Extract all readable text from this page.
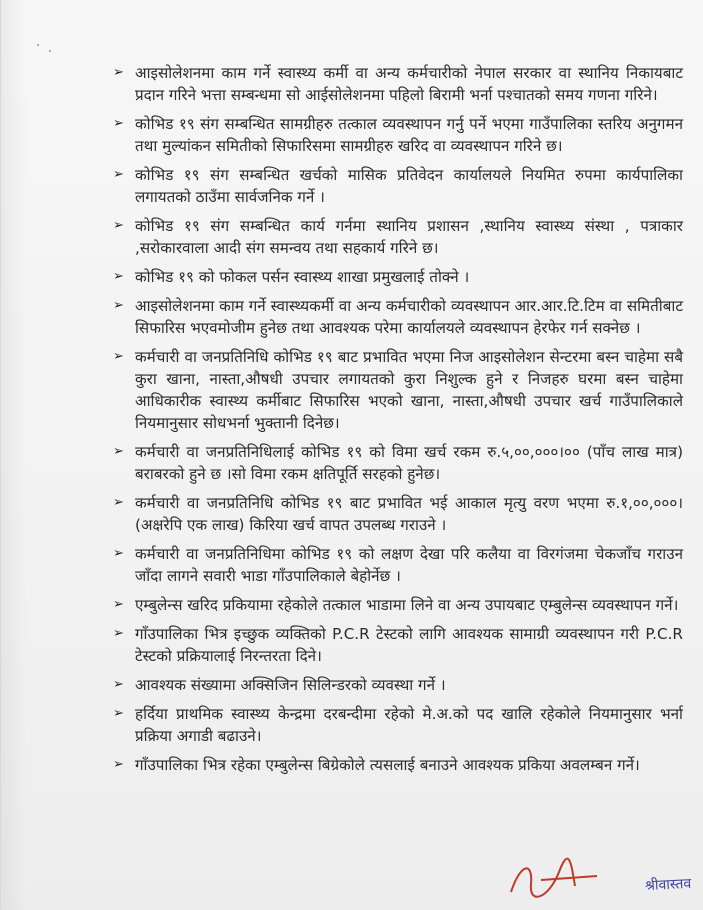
➢ आइसोलेशनमा काम गर्ने स्वास्थ्य कर्मी वा अन्य कर्मचारीको नेपाल सरकार वा स्थानिय निकायबाट प्रदान गरिने भत्ता सम्बन्धमा सो आईसोलेशनमा पहिलो बिरामी भर्ना पश्चातको समय गणना गरिने।
➢ कोभिड १९ संग सम्बन्धित सामग्रीहरु तत्काल व्यवस्थापन गर्नु पर्ने भएमा गाउँपालिका स्तरिय अनुगमन तथा मुल्यांकन समितीको सिफारिसमा सामग्रीहरु खरिद वा व्यवस्थापन गरिने छ।
➢ कोभिड १९ संग सम्बन्धित खर्चको मासिक प्रतिवेदन कार्यालयले नियमित रुपमा कार्यपालिका लगायतको ठाउँमा सार्वजनिक गर्ने ।
➢ कोभिड १९ संग सम्बन्धित कार्य गर्नमा स्थानिय प्रशासन ,स्थानिय स्वास्थ्य संस्था , पत्राकार ,सरोकारवाला आदी संग समन्वय तथा सहकार्य गरिने छ।
➢ कोभिड १९ को फोकल पर्सन स्वास्थ्य शाखा प्रमुखलाई तोक्ने ।
➢ आइसोलेशनमा काम गर्ने स्वास्थ्यकर्मी वा अन्य कर्मचारीको व्यवस्थापन आर.आर.टि.टिम वा समितीबाट सिफारिस भएवमोजीम हुनेछ तथा आवश्यक परेमा कार्यालयले व्यवस्थापन हेरफेर गर्न सक्नेछ ।
➢ कर्मचारी वा जनप्रतिनिधि कोभिड १९ बाट प्रभावित भएमा निज आइसोलेशन सेन्टरमा बस्न चाहेमा सबै कुरा खाना, नास्ता,औषधी उपचार लगायतको कुरा निशुल्क हुने र निजहरु घरमा बस्न चाहेमा आधिकारीक स्वास्थ्य कर्मीबाट सिफारिस भएको खाना, नास्ता,औषधी उपचार खर्च गाउँपालिकाले नियमानुसार सोधभर्ना भुक्तानी दिनेछ।
➢ कर्मचारी वा जनप्रतिनिधिलाई कोभिड १९ को विमा खर्च रकम रु.५,००,०००।०० (पाँच लाख मात्र) बराबरको हुने छ ।सो विमा रकम क्षतिपूर्ति सरहको हुनेछ।
➢ कर्मचारी वा जनप्रतिनिधि कोभिड १९ बाट प्रभावित भई आकाल मृत्यु वरण भएमा रु.१,००,०००।(अक्षरेपि एक लाख) किरिया खर्च वापत उपलब्ध गराउने ।
➢ कर्मचारी वा जनप्रतिनिधिमा कोभिड १९ को लक्षण देखा परि कलैया वा विरगंजमा चेकजाँच गराउन जाँदा लागने सवारी भाडा गाँउपालिकाले बेहोर्नेछ ।
➢ एम्बुलेन्स खरिद प्रकियामा रहेकोले तत्काल भाडामा लिने वा अन्य उपायबाट एम्बुलेन्स व्यवस्थापन गर्ने।
➢ गाँउपालिका भित्र इच्छुक व्यक्तिको P.C.R टेस्टको लागि आवश्यक सामाग्री व्यवस्थापन गरी P.C.R टेस्टको प्रक्रियालाई निरन्तरता दिने।
➢ आवश्यक संख्यामा अक्सिजिन सिलिन्डरको व्यवस्था गर्ने ।
➢ हर्दिया प्राथमिक स्वास्थ्य केन्द्रमा दरबन्दीमा रहेको मे.अ.को पद खालि रहेकोले नियमानुसार भर्ना प्रक्रिया अगाडी बढाउने।
➢ गाँउपालिका भित्र रहेका एम्बुलेन्स बिग्रेकोले त्यसलाई बनाउने आवश्यक प्रकिया अवलम्बन गर्ने।
श्रीवास्तव
